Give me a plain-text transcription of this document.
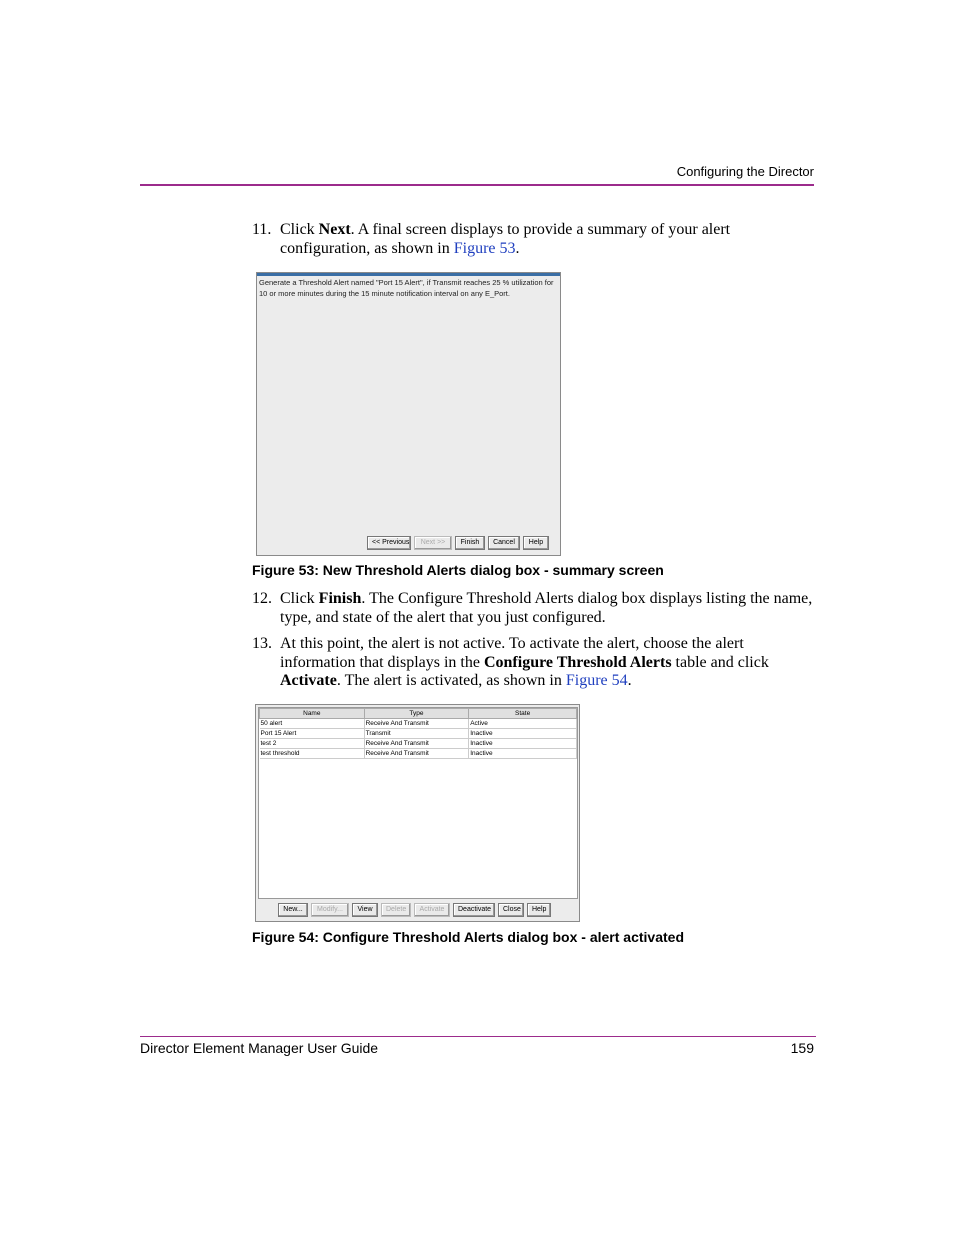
Configuring the Director
11. Click Next. A final screen displays to provide a summary of your alert configuration, as shown in Figure 53.
Generate a Threshold Alert named "Port 15 Alert", if Transmit reaches 25 % utilization for 10 or more minutes during the 15 minute notification interval on any E_Port.
<< Previous	Next >>	Finish	Cancel	Help
Figure 53: New Threshold Alerts dialog box - summary screen
12. Click Finish. The Configure Threshold Alerts dialog box displays listing the name, type, and state of the alert that you just configured.
13. At this point, the alert is not active. To activate the alert, choose the alert information that displays in the Configure Threshold Alerts table and click Activate. The alert is activated, as shown in Figure 54.
Name	Type	State
50 alert	Receive And Transmit	Active
Port 15 Alert	Transmit	Inactive
test 2	Receive And Transmit	Inactive
test threshold	Receive And Transmit	Inactive
New...	Modify...	View	Delete	Activate	Deactivate	Close	Help
Figure 54: Configure Threshold Alerts dialog box - alert activated
Director Element Manager User Guide	159
